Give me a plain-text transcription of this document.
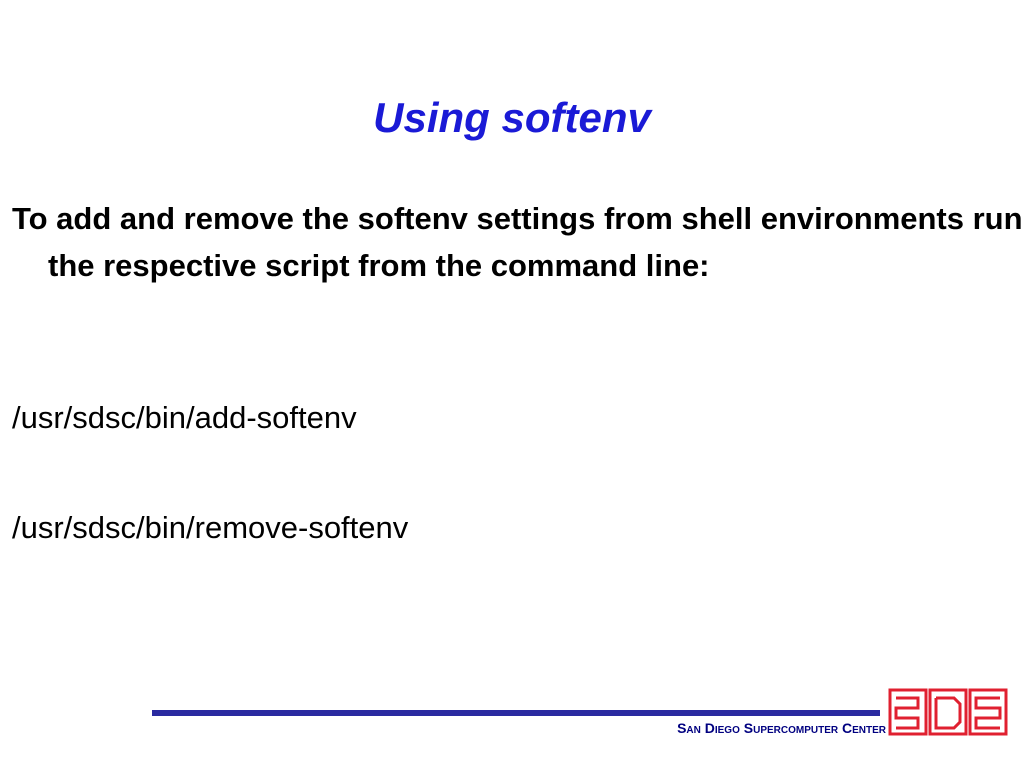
Using softenv
To add and remove the softenv settings from shell environments run the respective script from the command line:
/usr/sdsc/bin/add-softenv
/usr/sdsc/bin/remove-softenv
San Diego Supercomputer Center
